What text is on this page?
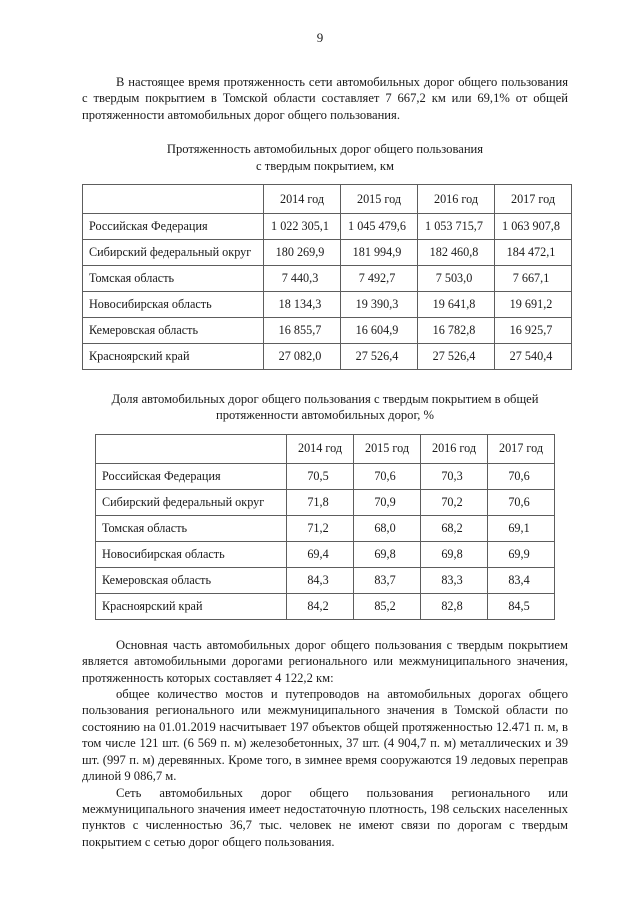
9

В настоящее время протяженность сети автомобильных дорог общего пользования с твердым покрытием в Томской области составляет 7 667,2 км или 69,1% от общей протяженности автомобильных дорог общего пользования.

Протяженность автомобильных дорог общего пользования
с твердым покрытием, км
	2014 год	2015 год	2016 год	2017 год
Российская Федерация	1 022 305,1	1 045 479,6	1 053 715,7	1 063 907,8
Сибирский федеральный округ	180 269,9	181 994,9	182 460,8	184 472,1
Томская область	7 440,3	7 492,7	7 503,0	7 667,1
Новосибирская область	18 134,3	19 390,3	19 641,8	19 691,2
Кемеровская область	16 855,7	16 604,9	16 782,8	16 925,7
Красноярский край	27 082,0	27 526,4	27 526,4	27 540,4
Доля автомобильных дорог общего пользования с твердым покрытием в общей
протяженности автомобильных дорог, %
	2014 год	2015 год	2016 год	2017 год
Российская Федерация	70,5	70,6	70,3	70,6
Сибирский федеральный округ	71,8	70,9	70,2	70,6
Томская область	71,2	68,0	68,2	69,1
Новосибирская область	69,4	69,8	69,8	69,9
Кемеровская область	84,3	83,7	83,3	83,4
Красноярский край	84,2	85,2	82,8	84,5

Основная часть автомобильных дорог общего пользования с твердым покрытием является автомобильными дорогами регионального или межмуниципального значения, протяженность которых составляет 4 122,2 км:

общее количество мостов и путепроводов на автомобильных дорогах общего пользования регионального или межмуниципального значения в Томской области по состоянию на 01.01.2019 насчитывает 197 объектов общей протяженностью 12.471 п. м, в том числе 121 шт. (6 569 п. м) железобетонных, 37 шт. (4 904,7 п. м) металлических и 39 шт. (997 п. м) деревянных. Кроме того, в зимнее время сооружаются 19 ледовых переправ длиной 9 086,7 м.

Сеть автомобильных дорог общего пользования регионального или межмуниципального значения имеет недостаточную плотность, 198 сельских населенных пунктов с численностью 36,7 тыс. человек не имеют связи по дорогам с твердым покрытием с сетью дорог общего пользования.
